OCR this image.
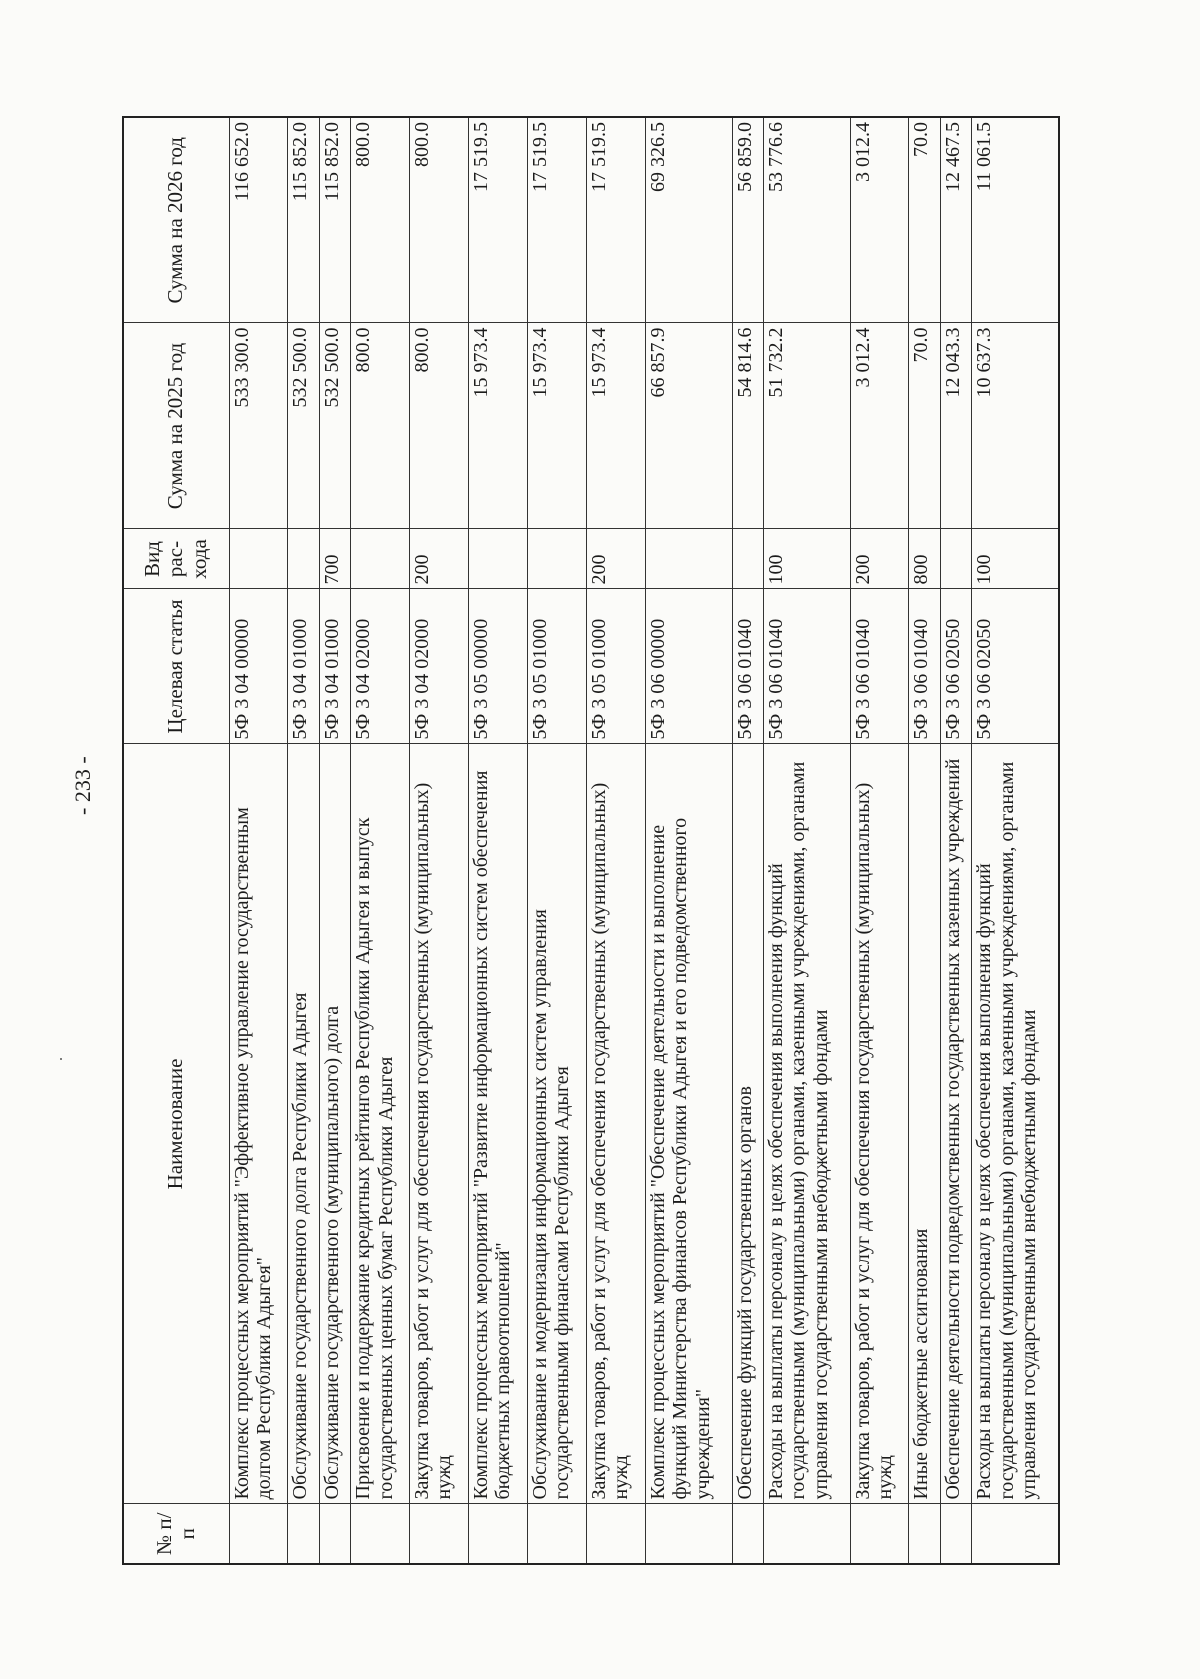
- 233 -
№ п/п	Наименование	Целевая статья	Вид рас-хода	Сумма на 2025 год	Сумма на 2026 год
	Комплекс процессных мероприятий "Эффективное управление государственным долгом Республики Адыгея"	5Ф 3 04 00000		533 300.0	116 652.0
	Обслуживание государственного долга Республики Адыгея	5Ф 3 04 01000		532 500.0	115 852.0
	Обслуживание государственного (муниципального) долга	5Ф 3 04 01000	700	532 500.0	115 852.0
	Присвоение и поддержание кредитных рейтингов Республики Адыгея и выпуск государственных ценных бумаг Республики Адыгея	5Ф 3 04 02000		800.0	800.0
	Закупка товаров, работ и услуг для обеспечения государственных (муниципальных) нужд	5Ф 3 04 02000	200	800.0	800.0
	Комплекс процессных мероприятий "Развитие информационных систем обеспечения бюджетных правоотношений"	5Ф 3 05 00000		15 973.4	17 519.5
	Обслуживание и модернизация информационных систем управления государственными финансами Республики Адыгея	5Ф 3 05 01000		15 973.4	17 519.5
	Закупка товаров, работ и услуг для обеспечения государственных (муниципальных) нужд	5Ф 3 05 01000	200	15 973.4	17 519.5
	Комплекс процессных мероприятий "Обеспечение деятельности и выполнение функций Министерства финансов Республики Адыгея и его подведомственного учреждения"	5Ф 3 06 00000		66 857.9	69 326.5
	Обеспечение функций государственных органов	5Ф 3 06 01040		54 814.6	56 859.0
	Расходы на выплаты персоналу в целях обеспечения выполнения функций государственными (муниципальными) органами, казенными учреждениями, органами управления государственными внебюджетными фондами	5Ф 3 06 01040	100	51 732.2	53 776.6
	Закупка товаров, работ и услуг для обеспечения государственных (муниципальных) нужд	5Ф 3 06 01040	200	3 012.4	3 012.4
	Иные бюджетные ассигнования	5Ф 3 06 01040	800	70.0	70.0
	Обеспечение деятельности подведомственных государственных казенных учреждений	5Ф 3 06 02050		12 043.3	12 467.5
	Расходы на выплаты персоналу в целях обеспечения выполнения функций государственными (муниципальными) органами, казенными учреждениями, органами управления государственными внебюджетными фондами	5Ф 3 06 02050	100	10 637.3	11 061.5
